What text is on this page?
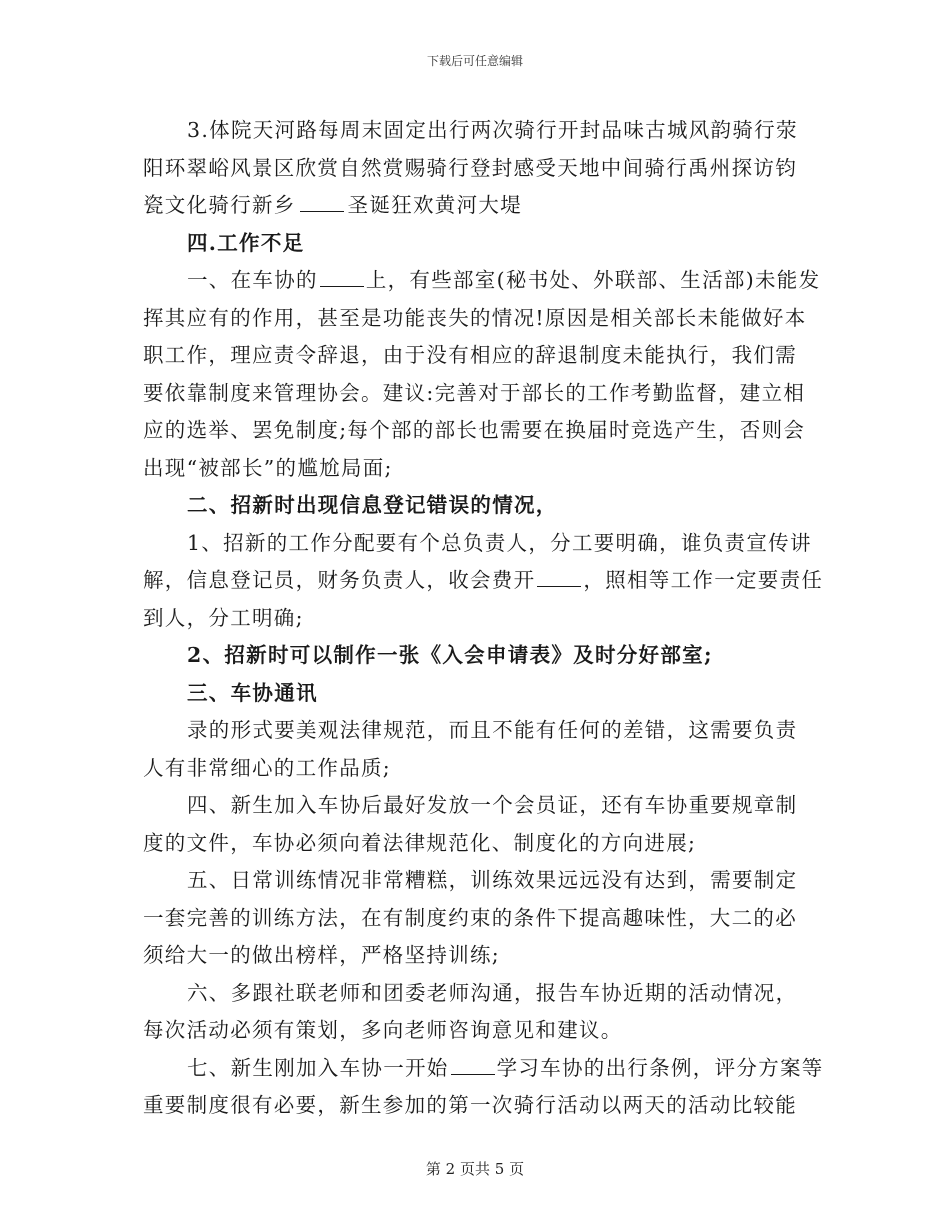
下载后可任意编辑
3.体院天河路每周末固定出行两次骑行开封品味古城风韵骑行荥
阳环翠峪风景区欣赏自然赏赐骑行登封感受天地中间骑行禹州探访钧
瓷文化骑行新乡	圣诞狂欢黄河大堤
四.工作不足
一、在车协的 上，有些部室(秘书处、外联部、生活部)未能发
挥其应有的作用，甚至是功能丧失的情况!原因是相关部长未能做好本
职工作，理应责令辞退，由于没有相应的辞退制度未能执行，我们需
要依靠制度来管理协会。建议:完善对于部长的工作考勤监督，建立相
应的选举、罢免制度;每个部的部长也需要在换届时竞选产生，否则会
出现“被部长”的尴尬局面;
二、招新时出现信息登记错误的情况，
1、招新的工作分配要有个总负责人，分工要明确，谁负责宣传讲
解，信息登记员，财务负责人，收会费开 ，照相等工作一定要责任
到人，分工明确;
2、招新时可以制作一张《入会申请表》及时分好部室;
三、车协通讯
录的形式要美观法律规范，而且不能有任何的差错，这需要负责
人有非常细心的工作品质;
四、新生加入车协后最好发放一个会员证，还有车协重要规章制
度的文件，车协必须向着法律规范化、制度化的方向进展;
五、日常训练情况非常糟糕，训练效果远远没有达到，需要制定
一套完善的训练方法，在有制度约束的条件下提高趣味性，大二的必
须给大一的做出榜样，严格坚持训练;
六、多跟社联老师和团委老师沟通，报告车协近期的活动情况，
每次活动必须有策划，多向老师咨询意见和建议。
七、新生刚加入车协一开始 学习车协的出行条例，评分方案等
重要制度很有必要，新生参加的第一次骑行活动以两天的活动比较能
第 2 页共 5 页
